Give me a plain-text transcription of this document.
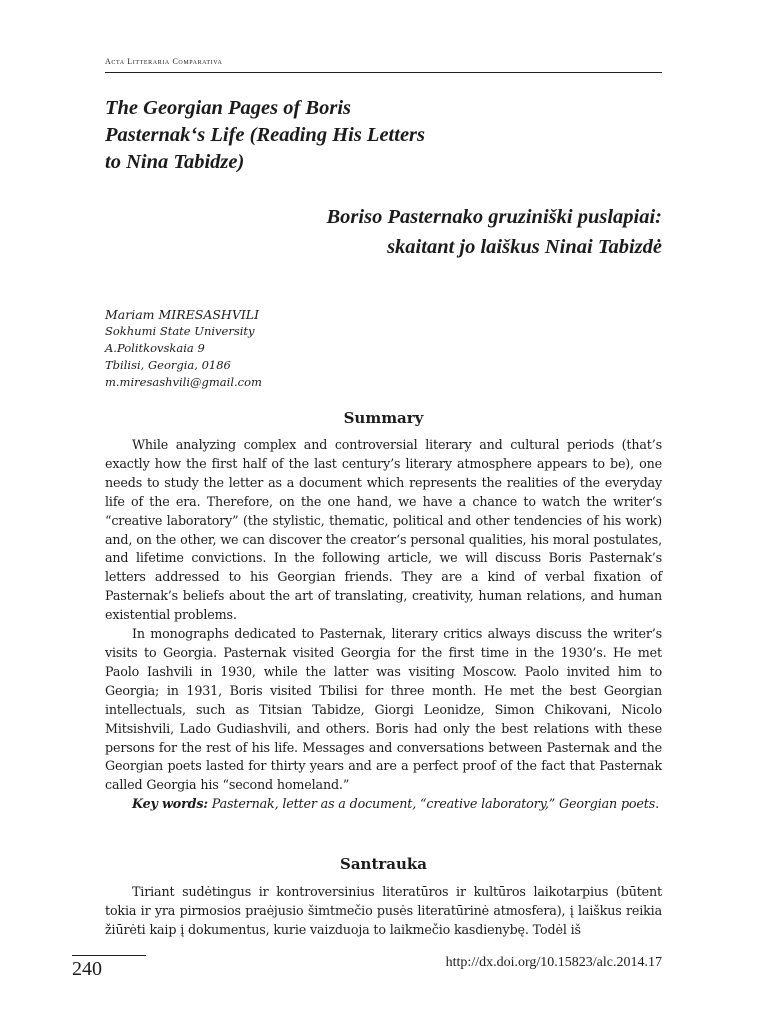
Acta Litteraria Comparativa
The Georgian Pages of Boris Pasternak‘s Life (Reading His Letters to Nina Tabidze)
Boriso Pasternako gruziniški puslapiai: skaitant jo laiškus Ninai Tabizdė

Mariam MIRESASHVILI

Sokhumi State University

A.Politkovskaia 9

Tbilisi, Georgia, 0186

m.miresashvili@gmail.com

Summary

While analyzing complex and controversial literary and cultural periods (that’s exactly how the first half of the last century’s literary atmosphere appears to be), one needs to study the letter as a document which represents the realities of the everyday life of the era. Therefore, on the one hand, we have a chance to watch the writer‘s “creative laboratory” (the stylistic, thematic, political and other tendencies of his work) and, on the other, we can discover the creator‘s personal qualities, his moral postulates, and lifetime convictions. In the following article, we will discuss Boris Pasternak’s letters addressed to his Georgian friends. They are a kind of verbal fixation of Pasternak’s beliefs about the art of translating, creativity, human relations, and human existential problems.

In monographs dedicated to Pasternak, literary critics always discuss the writer’s visits to Georgia. Pasternak visited Georgia for the first time in the 1930’s. He met Paolo Iashvili in 1930, while the latter was visiting Moscow. Paolo invited him to Georgia; in 1931, Boris visited Tbilisi for three month. He met the best Georgian intellectuals, such as Titsian Tabidze, Giorgi Leonidze, Simon Chikovani, Nicolo Mitsishvili, Lado Gudiashvili, and others. Boris had only the best relations with these persons for the rest of his life. Messages and conversations between Pasternak and the Georgian poets lasted for thirty years and are a perfect proof of the fact that Pasternak called Georgia his “second homeland.”

Key words: Pasternak, letter as a document, “creative laboratory,” Georgian poets.

Santrauka

Tiriant sudėtingus ir kontroversinius literatūros ir kultūros laikotarpius (būtent tokia ir yra pirmosios praėjusio šimtmečio pusės literatūrinė atmosfera), į laiškus reikia žiūrėti kaip į dokumentus, kurie vaizduoja to laikmečio kasdienybę. Todėl iš

240	http://dx.doi.org/10.15823/alc.2014.17
